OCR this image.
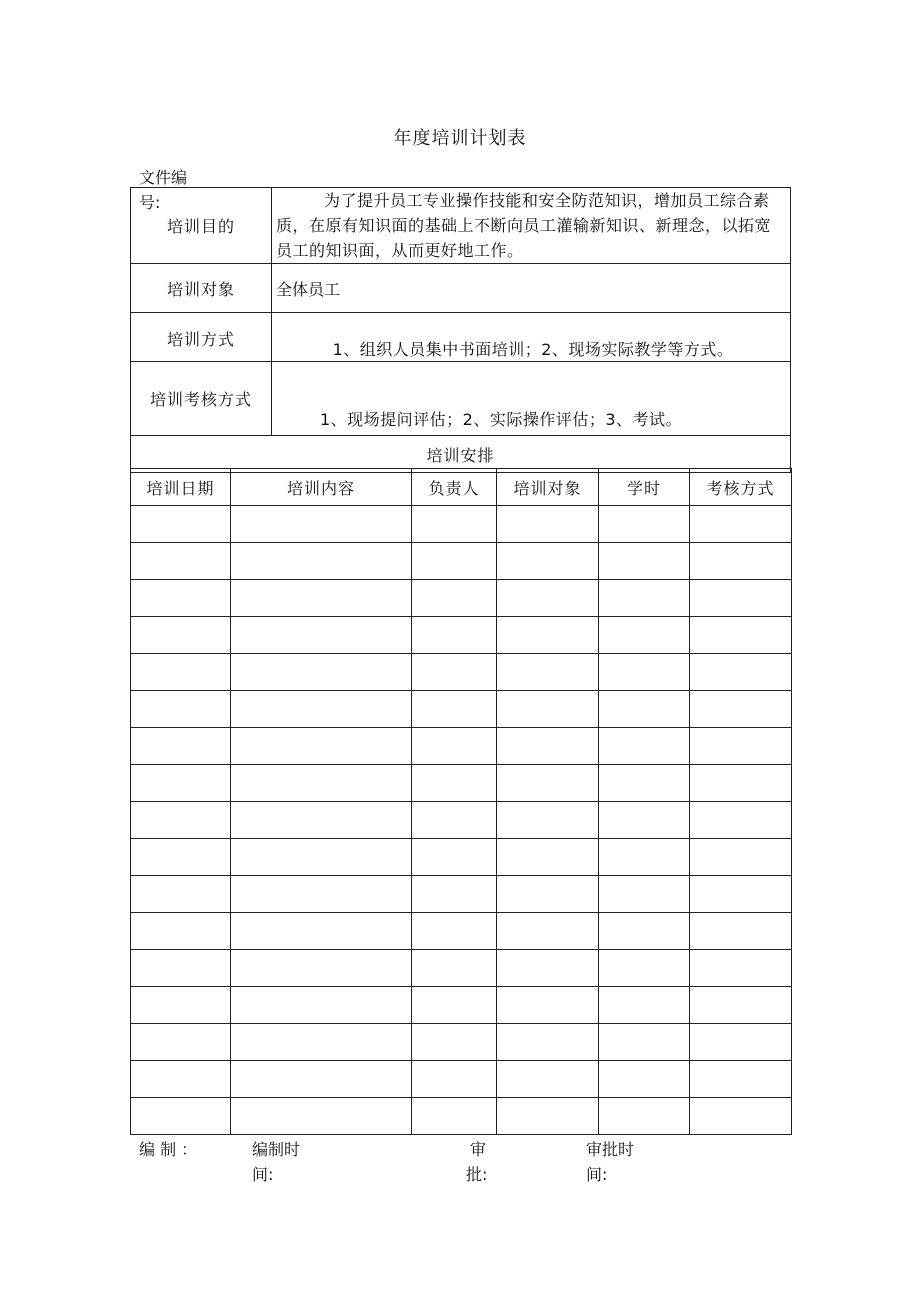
年度培训计划表
文件编
号:
培训目的	为了提升员工专业操作技能和安全防范知识，增加员工综合素质，在原有知识面的基础上不断向员工灌输新知识、新理念，以拓宽员工的知识面，从而更好地工作。
培训对象	全体员工
培训方式	1、组织人员集中书面培训；2、现场实际教学等方式。
培训考核方式	1、现场提问评估；2、实际操作评估；3、考试。
培训安排	
培训日期	培训内容	负责人	培训对象	学时	考核方式

编 制 ：	编制时
间:
审
批:
审批时
间:
